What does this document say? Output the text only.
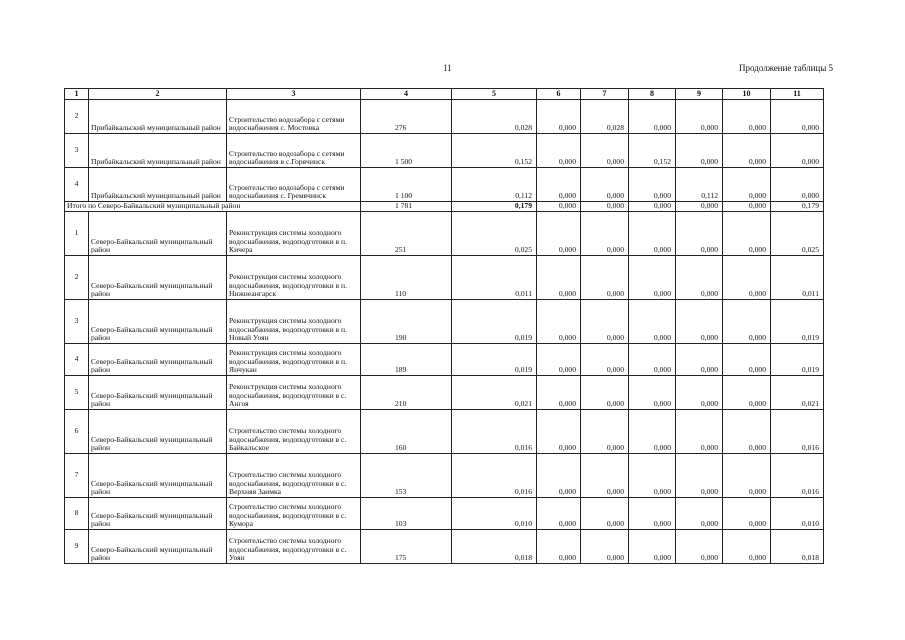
11	Продолжение таблицы 5
1	2	3	4	5	6	7	8	9	10	11
2	Прибайкальский муниципальный район	Строительство водозабора с сетями водоснабжения с. Мостовка	276	0,028	0,000	0,028	0,000	0,000	0,000	0,000
3	Прибайкальский муниципальный район	Строительство водозабора с сетями водоснабжения в с.Горячинск	1 500	0,152	0,000	0,000	0,152	0,000	0,000	0,000
4	Прибайкальский муниципальный район	Строительство водозабора с сетями водоснабжения с. Гремячинск	1 100	0,112	0,000	0,000	0,000	0,112	0,000	0,000
Итого по Северо-Байкальский муниципальный район			1 781	0,179	0,000	0,000	0,000	0,000	0,000	0,179
1	Северо-Байкальский муниципальный район	Реконструкция системы холодного водоснабжения, водоподготовки в п. Кичера	251	0,025	0,000	0,000	0,000	0,000	0,000	0,025
2	Северо-Байкальский муниципальный район	Реконструкция системы холодного водоснабжения, водоподготовки в п. Нижнеангарск	110	0,011	0,000	0,000	0,000	0,000	0,000	0,011
3	Северо-Байкальский муниципальный район	Реконструкция системы холодного водоснабжения, водоподготовки в п. Новый Уоян	190	0,019	0,000	0,000	0,000	0,000	0,000	0,019
4	Северо-Байкальский муниципальный район	Реконструкция системы холодного водоснабжения, водоподготовки в п. Янчукан	189	0,019	0,000	0,000	0,000	0,000	0,000	0,019
5	Северо-Байкальский муниципальный район	Реконструкция системы холодного водоснабжения, водоподготовки в с. Ангоя	210	0,021	0,000	0,000	0,000	0,000	0,000	0,021
6	Северо-Байкальский муниципальный район	Строительство системы холодного водоснабжения, водоподготовки в с. Байкальское	160	0,016	0,000	0,000	0,000	0,000	0,000	0,016
7	Северо-Байкальский муниципальный район	Строительство системы холодного водоснабжения, водоподготовки в с. Верхняя Заимка	153	0,016	0,000	0,000	0,000	0,000	0,000	0,016
8	Северо-Байкальский муниципальный район	Строительство системы холодного водоснабжения, водоподготовки в с. Кумора	103	0,010	0,000	0,000	0,000	0,000	0,000	0,010
9	Северо-Байкальский муниципальный район	Строительство системы холодного водоснабжения, водоподготовки в с. Уоян	175	0,018	0,000	0,000	0,000	0,000	0,000	0,018
